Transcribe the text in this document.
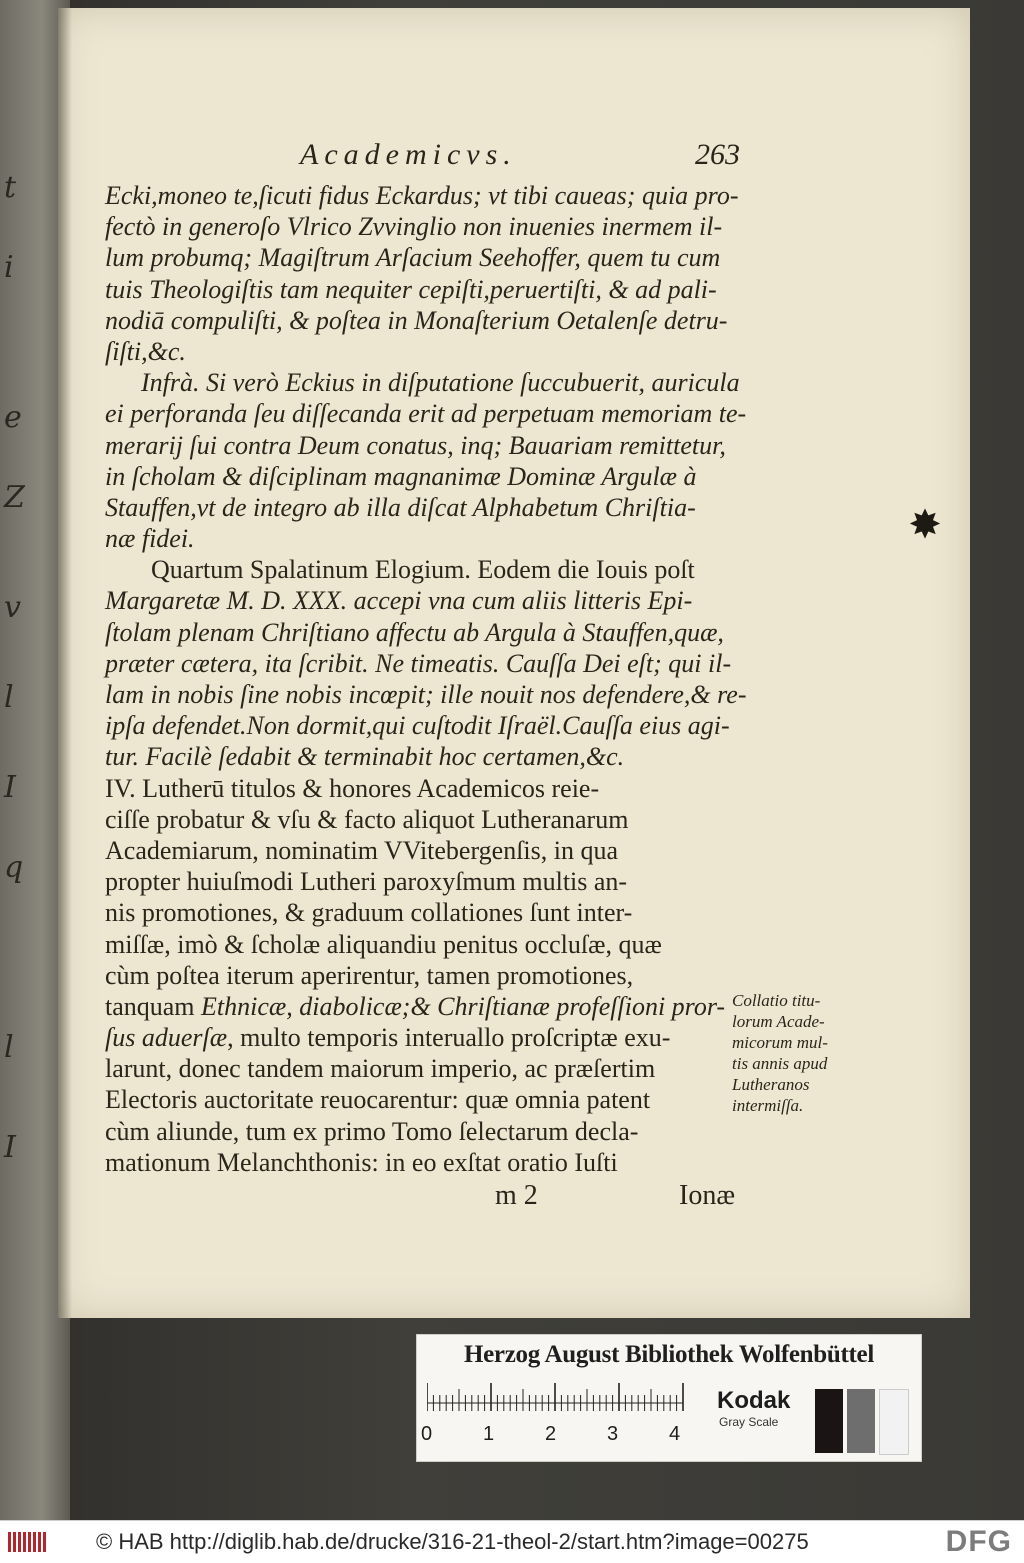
t
i
e
Z
v
l
I
q
l
I
Academicvs.	263
Ecki,moneo te,ſicuti fidus Eckardus; vt tibi caueas; quia pro-
fectò in generoſo Vlrico Zvvinglio non inuenies inermem il-
lum probumq; Magiſtrum Arſacium Seehoffer, quem tu cum
tuis Theologiſtis tam nequiter cepiſti,peruertiſti, & ad pali-
nodiā compuliſti, & poſtea in Monaſterium Oetalenſe detru-
ſiſti,&c.
Infrà. Si verò Eckius in diſputatione ſuccubuerit, auricula
ei perforanda ſeu diſſecanda erit ad perpetuam memoriam te-
merarij ſui contra Deum conatus, inq; Bauariam remittetur,
in ſcholam & diſciplinam magnanimæ Dominæ Argulæ à
Stauffen,vt de integro ab illa diſcat Alphabetum Chriſtia-
næ fidei.
Quartum Spalatinum Elogium. Eodem die Iouis poſt
Margaretæ M. D. XXX. accepi vna cum aliis litteris Epi-
ſtolam plenam Chriſtiano affectu ab Argula à Stauffen,quæ,
præter cætera, ita ſcribit. Ne timeatis. Cauſſa Dei eſt; qui il-
lam in nobis ſine nobis incœpit; ille nouit nos defendere,& re-
ipſa defendet.Non dormit,qui cuſtodit Iſraël.Cauſſa eius agi-
tur. Facilè ſedabit & terminabit hoc certamen,&c.
IV. Lutherū titulos & honores Academicos reie-
ciſſe probatur & vſu & facto aliquot Lutheranarum
Academiarum, nominatim VVitebergenſis, in qua
propter huiuſmodi Lutheri paroxyſmum multis an-
nis promotiones, & graduum collationes ſunt inter-
miſſæ, imò & ſcholæ aliquandiu penitus occluſæ, quæ
cùm poſtea iterum aperirentur, tamen promotiones,
tanquam Ethnicæ, diabolicæ;& Chriſtianæ profeſſioni pror-
ſus aduerſæ, multo temporis interuallo proſcriptæ exu-
larunt, donec tandem maiorum imperio, ac præſertim
Electoris auctoritate reuocarentur: quæ omnia patent
cùm aliunde, tum ex primo Tomo ſelectarum decla-
mationum Melanchthonis: in eo exſtat oratio Iuſti
✸
Collatio titu-
lorum Acade-
micorum mul-
tis annis apud
Lutheranos
intermiſſa.
m 2	Ionæ
Herzog August Bibliothek Wolfenbüttel
0	1	2	3	4
Kodak
Gray Scale
© HAB http://diglib.hab.de/drucke/316-21-theol-2/start.htm?image=00275	DFG
